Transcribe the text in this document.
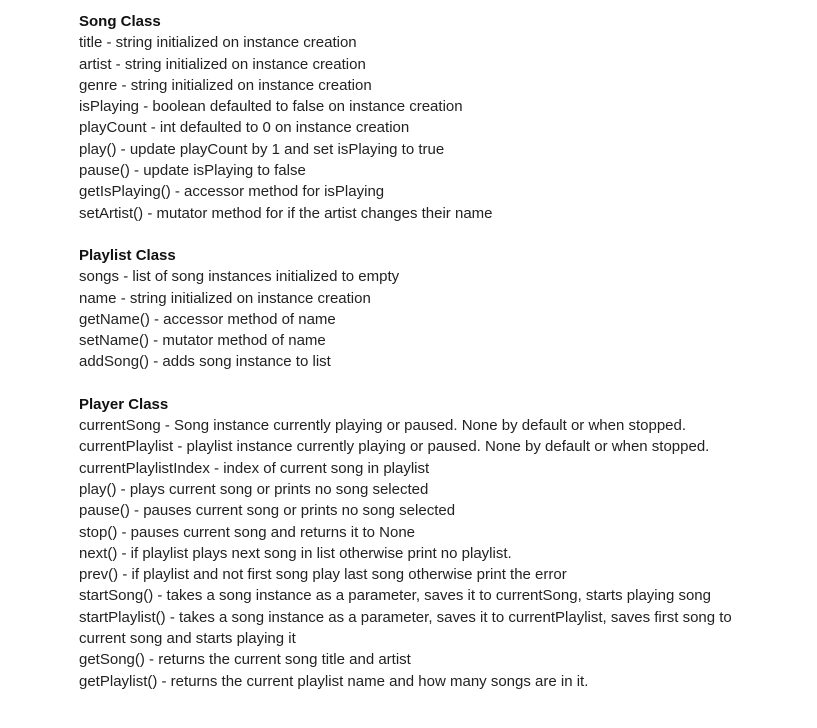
Song Class
title - string initialized on instance creation
artist - string initialized on instance creation
genre - string initialized on instance creation
isPlaying - boolean defaulted to false on instance creation
playCount - int defaulted to 0 on instance creation
play() - update playCount by 1 and set isPlaying to true
pause() - update isPlaying to false
getIsPlaying() - accessor method for isPlaying
setArtist() - mutator method for if the artist changes their name
Playlist Class
songs - list of song instances initialized to empty
name - string initialized on instance creation
getName() - accessor method of name
setName() - mutator method of name
addSong() - adds song instance to list
Player Class
currentSong - Song instance currently playing or paused. None by default or when stopped.
currentPlaylist - playlist instance currently playing or paused. None by default or when stopped.
currentPlaylistIndex - index of current song in playlist
play() - plays current song or prints no song selected
pause() - pauses current song or prints no song selected
stop() - pauses current song and returns it to None
next() - if playlist plays next song in list otherwise print no playlist.
prev() - if playlist and not first song play last song otherwise print the error
startSong() - takes a song instance as a parameter, saves it to currentSong, starts playing song
startPlaylist() - takes a song instance as a parameter, saves it to currentPlaylist, saves first song to current song and starts playing it
getSong() - returns the current song title and artist
getPlaylist() - returns the current playlist name and how many songs are in it.
